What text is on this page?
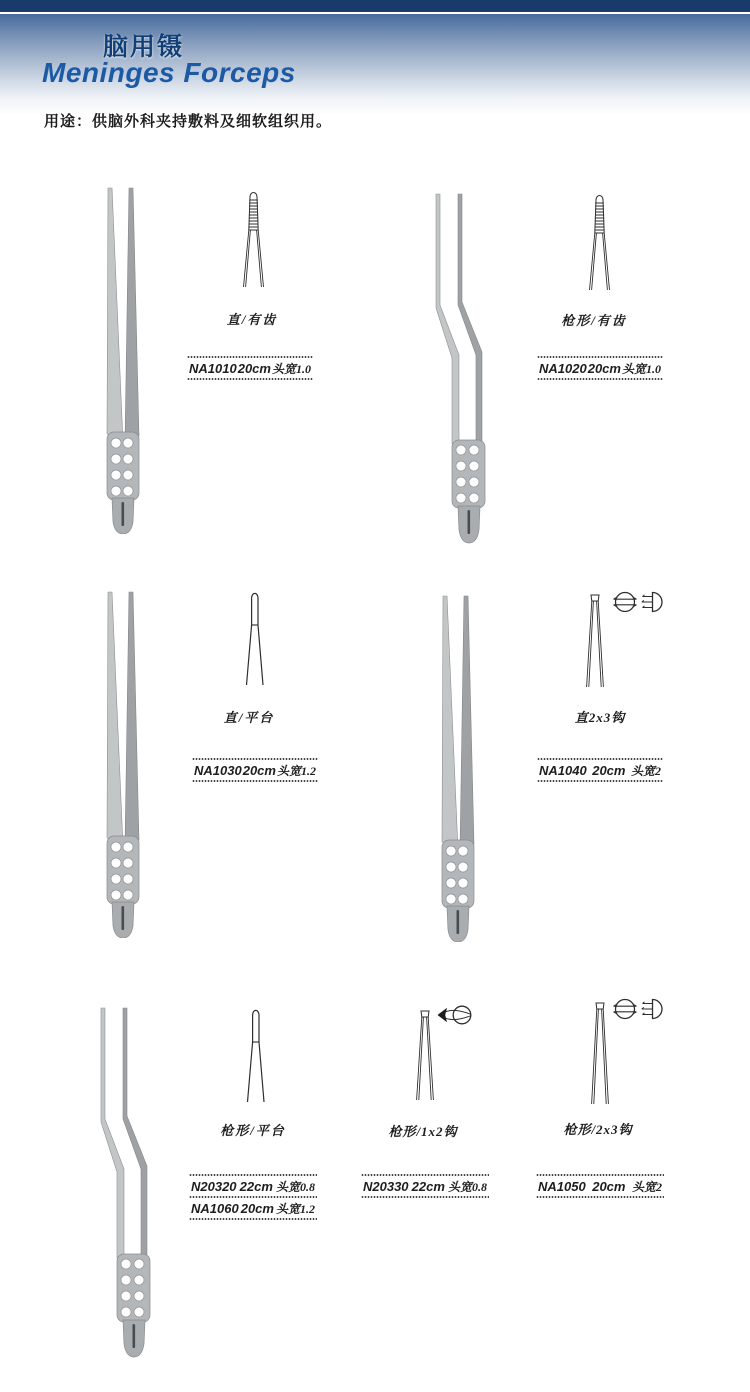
脑用镊
Meninges Forceps

用途：供脑外科夹持敷料及细软组织用。

直/有齿
NA1010 20cm 头宽1.0
枪形/有齿
NA1020 20cm 头宽1.0
直/平台
NA1030 20cm 头宽1.2
直2x3钩
NA1040 20cm 头宽2
枪形/平台
N20320 22cm 头宽0.8
NA1060 20cm 头宽1.2
枪形/1x2钩
N20330 22cm 头宽0.8
枪形/2x3钩
NA1050 20cm 头宽2
